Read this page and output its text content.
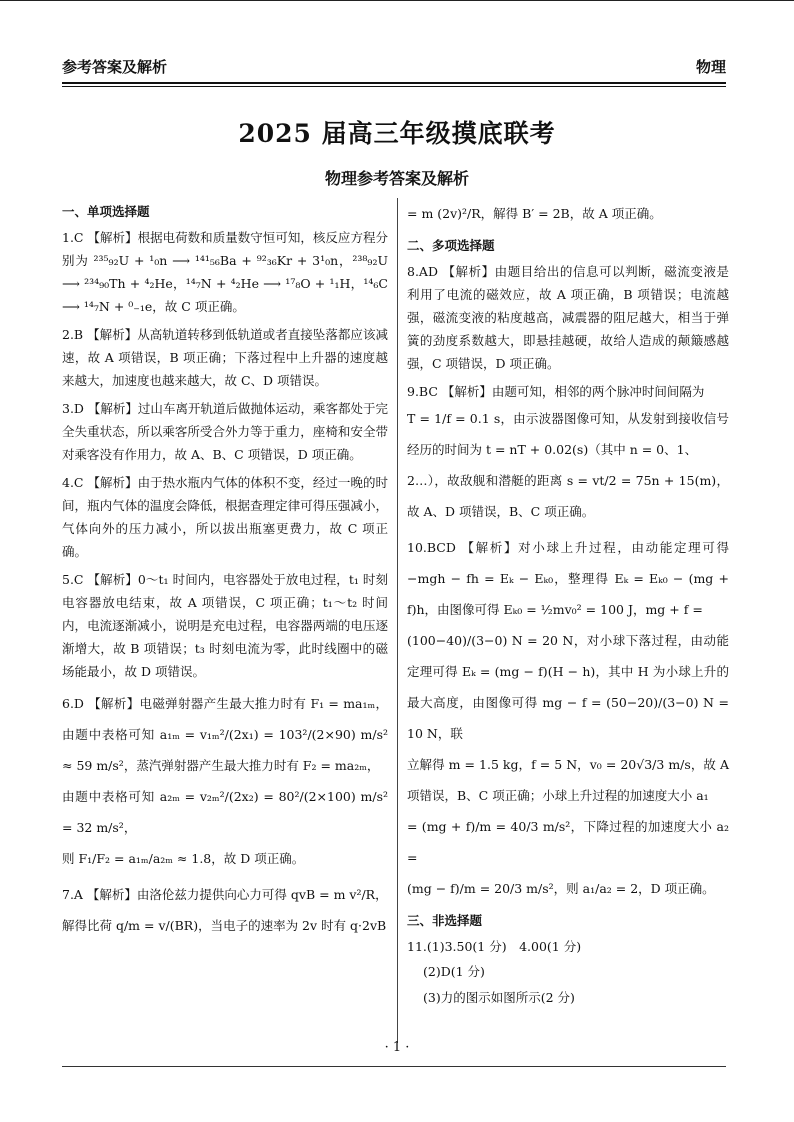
参考答案及解析	物理
2025 届高三年级摸底联考
物理参考答案及解析
一、单项选择题
1.C 【解析】根据电荷数和质量数守恒可知，核反应方程分别为 ²³⁵₉₂U + ¹₀n ⟶ ¹⁴¹₅₆Ba + ⁹²₃₆Kr + 3¹₀n，²³⁸₉₂U ⟶ ²³⁴₉₀Th + ⁴₂He，¹⁴₇N + ⁴₂He ⟶ ¹⁷₈O + ¹₁H，¹⁴₆C ⟶ ¹⁴₇N + ⁰₋₁e，故 C 项正确。
2.B 【解析】从高轨道转移到低轨道或者直接坠落都应该减速，故 A 项错误，B 项正确；下落过程中上升器的速度越来越大，加速度也越来越大，故 C、D 项错误。
3.D 【解析】过山车离开轨道后做抛体运动，乘客都处于完全失重状态，所以乘客所受合外力等于重力，座椅和安全带对乘客没有作用力，故 A、B、C 项错误，D 项正确。
4.C 【解析】由于热水瓶内气体的体积不变，经过一晚的时间，瓶内气体的温度会降低，根据查理定律可得压强减小，气体向外的压力减小，所以拔出瓶塞更费力，故 C 项正确。
5.C 【解析】0～t₁ 时间内，电容器处于放电过程，t₁ 时刻电容器放电结束，故 A 项错误，C 项正确；t₁～t₂ 时间内，电流逐渐减小，说明是充电过程，电容器两端的电压逐渐增大，故 B 项错误；t₃ 时刻电流为零，此时线圈中的磁场能最小，故 D 项错误。
6.D 【解析】电磁弹射器产生最大推力时有 F₁ = ma₁ₘ，由题中表格可知 a₁ₘ = v₁ₘ²/(2x₁) = 103²/(2×90) m/s² ≈ 59 m/s²，蒸汽弹射器产生最大推力时有 F₂ = ma₂ₘ，
由题中表格可知 a₂ₘ = v₂ₘ²/(2x₂) = 80²/(2×100) m/s² = 32 m/s²，
则 F₁/F₂ = a₁ₘ/a₂ₘ ≈ 1.8，故 D 项正确。
7.A 【解析】由洛伦兹力提供向心力可得 qvB = m v²/R，
解得比荷 q/m = v/(BR)，当电子的速率为 2v 时有 q·2vB
= m (2v)²/R，解得 B′ = 2B，故 A 项正确。
二、多项选择题
8.AD 【解析】由题目给出的信息可以判断，磁流变液是利用了电流的磁效应，故 A 项正确，B 项错误；电流越强，磁流变液的粘度越高，减震器的阻尼越大，相当于弹簧的劲度系数越大，即悬挂越硬，故给人造成的颠簸感越强，C 项错误，D 项正确。
9.BC 【解析】由题可知，相邻的两个脉冲时间间隔为
T = 1/f = 0.1 s，由示波器图像可知，从发射到接收信号经历的时间为 t = nT + 0.02(s)（其中 n = 0、1、
2…），故敌舰和潜艇的距离 s = vt/2 = 75n + 15(m)，故 A、D 项错误，B、C 项正确。
10.BCD 【解析】对小球上升过程，由动能定理可得 −mgh − fh = Eₖ − Eₖ₀，整理得 Eₖ = Eₖ₀ − (mg + f)h，由图像可得 Eₖ₀ = ½mv₀² = 100 J，mg + f =
(100−40)/(3−0) N = 20 N，对小球下落过程，由动能定理可得 Eₖ = (mg − f)(H − h)，其中 H 为小球上升的最大高度，由图像可得 mg − f = (50−20)/(3−0) N = 10 N，联
立解得 m = 1.5 kg，f = 5 N，v₀ = 20√3/3 m/s，故 A 项错误，B、C 项正确；小球上升过程的加速度大小 a₁
= (mg + f)/m = 40/3 m/s²，下降过程的加速度大小 a₂ =
(mg − f)/m = 20/3 m/s²，则 a₁/a₂ = 2，D 项正确。
三、非选择题
11.(1)3.50(1 分)　4.00(1 分)
(2)D(1 分)
(3)力的图示如图所示(2 分)
· 1 ·
